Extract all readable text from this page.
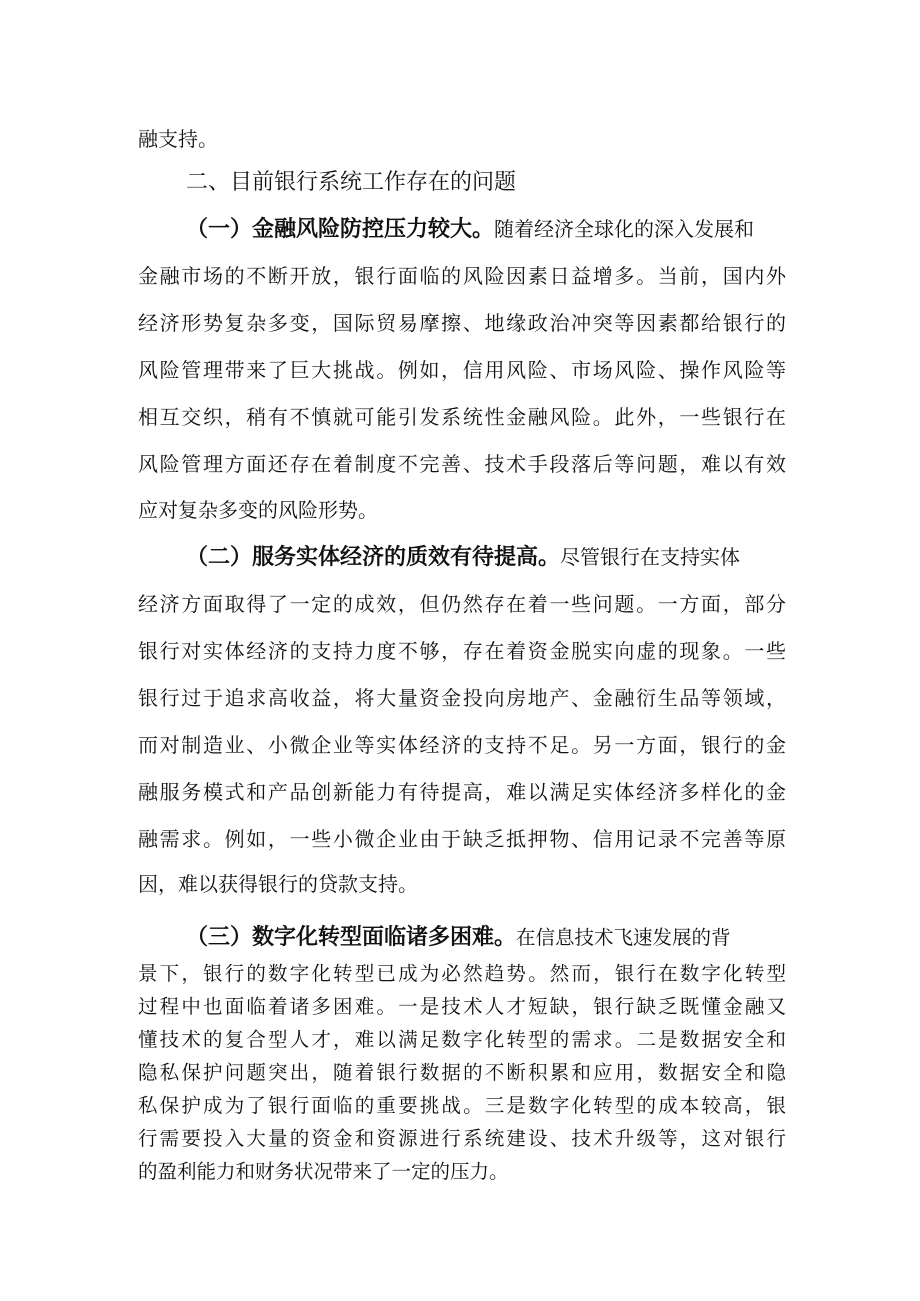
融支持。
二、目前银行系统工作存在的问题
（一）金融风险防控压力较大。随着经济全球化的深入发展和
金融市场的不断开放，银行面临的风险因素日益增多。当前，国内外
经济形势复杂多变，国际贸易摩擦、地缘政治冲突等因素都给银行的
风险管理带来了巨大挑战。例如，信用风险、市场风险、操作风险等
相互交织，稍有不慎就可能引发系统性金融风险。此外，一些银行在
风险管理方面还存在着制度不完善、技术手段落后等问题，难以有效
应对复杂多变的风险形势。
（二）服务实体经济的质效有待提高。尽管银行在支持实体
经济方面取得了一定的成效，但仍然存在着一些问题。一方面，部分
银行对实体经济的支持力度不够，存在着资金脱实向虚的现象。一些
银行过于追求高收益，将大量资金投向房地产、金融衍生品等领域，
而对制造业、小微企业等实体经济的支持不足。另一方面，银行的金
融服务模式和产品创新能力有待提高，难以满足实体经济多样化的金
融需求。例如，一些小微企业由于缺乏抵押物、信用记录不完善等原
因，难以获得银行的贷款支持。
（三）数字化转型面临诸多困难。在信息技术飞速发展的背
景下，银行的数字化转型已成为必然趋势。然而，银行在数字化转型
过程中也面临着诸多困难。一是技术人才短缺，银行缺乏既懂金融又
懂技术的复合型人才，难以满足数字化转型的需求。二是数据安全和
隐私保护问题突出，随着银行数据的不断积累和应用，数据安全和隐
私保护成为了银行面临的重要挑战。三是数字化转型的成本较高，银
行需要投入大量的资金和资源进行系统建设、技术升级等，这对银行
的盈利能力和财务状况带来了一定的压力。
